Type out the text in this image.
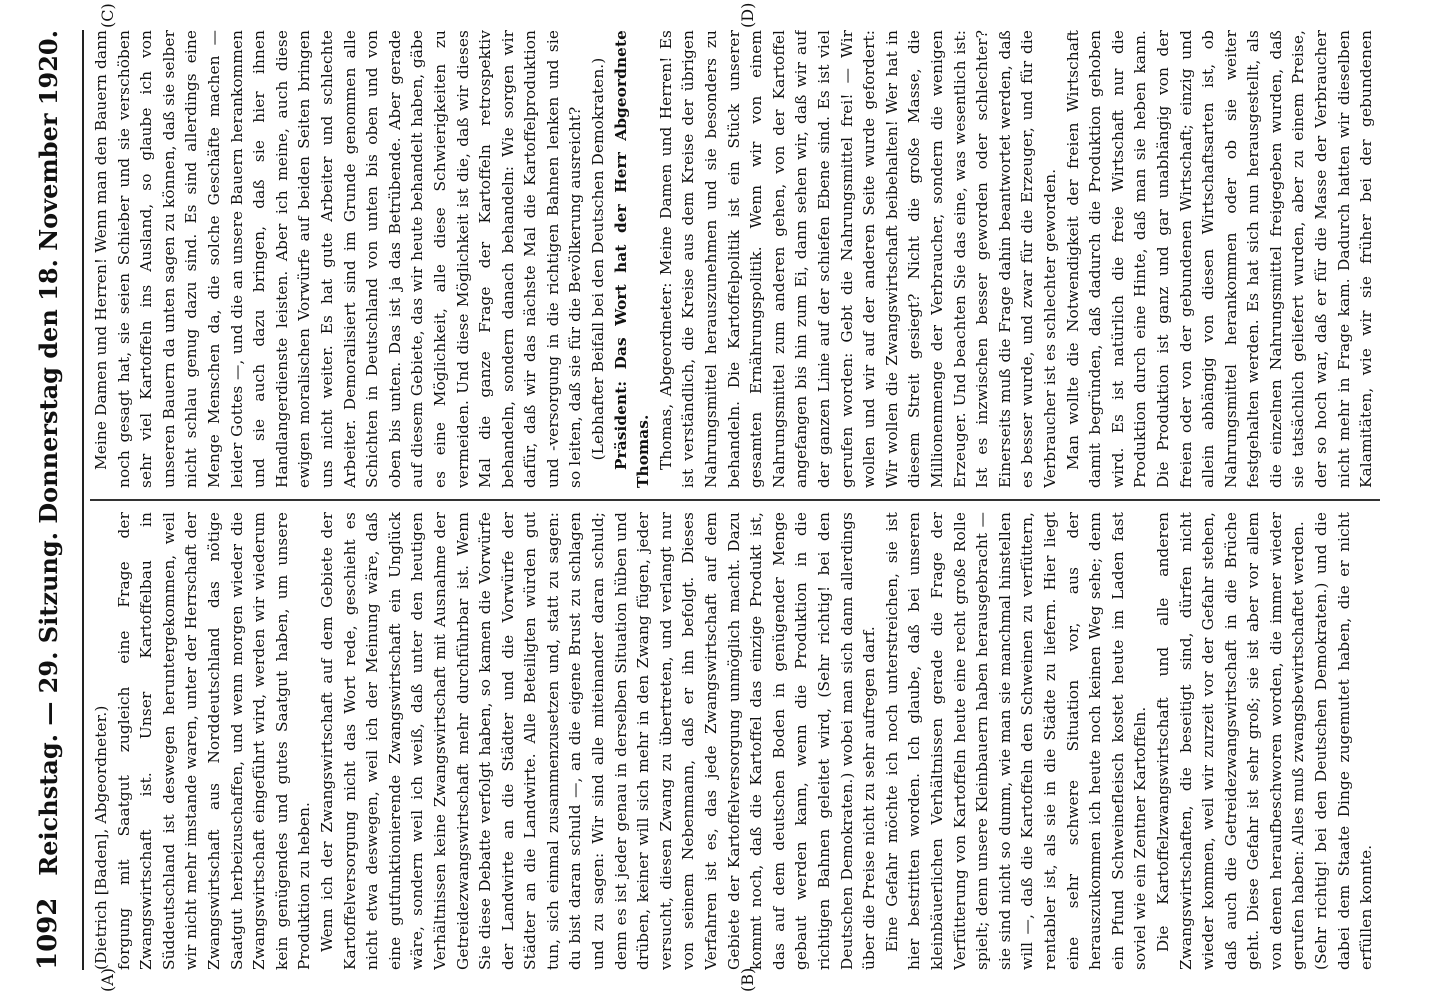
1092
Reichstag. — 29. Sitzung. Donnerstag den 18. November 1920.
(A)	(B)
(C)	(D)

(Dietrich [Baden], Abgeordneter.) forgung mit Saatgut zugleich eine Frage der Zwangswirtschaft ist. Unser Kartoffelbau in Süddeutschland ist deswegen heruntergekommen, weil wir nicht mehr imstande waren, unter der Herrschaft der Zwangswirtschaft aus Norddeutschland das nötige Saatgut herbeizuschaffen, und wenn morgen wieder die Zwangswirtschaft eingeführt wird, werden wir wiederum kein genügendes und gutes Saatgut haben, um unsere Produktion zu heben. Wenn ich der Zwangswirtschaft auf dem Gebiete der Kartoffelversorgung nicht das Wort rede, geschieht es nicht etwa deswegen, weil ich der Meinung wäre, daß eine gutfunktionierende Zwangswirtschaft ein Unglück wäre, sondern weil ich weiß, daß unter den heutigen Verhältnissen keine Zwangswirtschaft mit Ausnahme der Getreidezwangswirtschaft mehr durchführbar ist. Wenn Sie diese Debatte verfolgt haben, so kamen die Vorwürfe der Landwirte an die Städter und die Vorwürfe der Städter an die Landwirte. Alle Beteiligten würden gut tun, sich einmal zusammenzusetzen und, statt zu sagen: du bist daran schuld —, an die eigene Brust zu schlagen und zu sagen: Wir sind alle miteinander daran schuld; denn es ist jeder genau in derselben Situation hüben und drüben, keiner will sich mehr in den Zwang fügen, jeder versucht, diesen Zwang zu übertreten, und verlangt nur von seinem Nebenmann, daß er ihn befolgt. Dieses Verfahren ist es, das jede Zwangswirtschaft auf dem Gebiete der Kartoffelversorgung unmöglich macht. Dazu kommt noch, daß die Kartoffel das einzige Produkt ist, das auf dem deutschen Boden in genügender Menge gebaut werden kann, wenn die Produktion in die richtigen Bahnen geleitet wird, (Sehr richtig! bei den Deutschen Demokraten.) wobei man sich dann allerdings über die Preise nicht zu sehr aufregen darf. Eine Gefahr möchte ich noch unterstreichen, sie ist hier bestritten worden. Ich glaube, daß bei unseren kleinbäuerlichen Verhältnissen gerade die Frage der Verfütterung von Kartoffeln heute eine recht große Rolle spielt; denn unsere Kleinbauern haben herausgebracht — sie sind nicht so dumm, wie man sie manchmal hinstellen will —, daß die Kartoffeln den Schweinen zu verfüttern, rentabler ist, als sie in die Städte zu liefern. Hier liegt eine sehr schwere Situation vor, aus der herauszukommen ich heute noch keinen Weg sehe; denn ein Pfund Schweinefleisch kostet heute im Laden fast soviel wie ein Zentner Kartoffeln. Die Kartoffelzwangswirtschaft und alle anderen Zwangswirtschaften, die beseitigt sind, dürfen nicht wieder kommen, weil wir zurzeit vor der Gefahr stehen, daß auch die Getreidezwangswirtschaft in die Brüche geht. Diese Gefahr ist sehr groß; sie ist aber vor allem von denen heraufbeschworen worden, die immer wieder gerufen haben: Alles muß zwangsbewirtschaftet werden. (Sehr richtig! bei den Deutschen Demokraten.) und die dabei dem Staate Dinge zugemutet haben, die er nicht erfüllen konnte.

Meine Damen und Herren! Wenn man den Bauern dann noch gesagt hat, sie seien Schieber und sie verschöben sehr viel Kartoffeln ins Ausland, so glaube ich von unseren Bauern da unten sagen zu können, daß sie selber nicht schlau genug dazu sind. Es sind allerdings eine Menge Menschen da, die solche Geschäfte machen — leider Gottes —, und die an unsere Bauern herankommen und sie auch dazu bringen, daß sie hier ihnen Handlangerdienste leisten. Aber ich meine, auch diese ewigen moralischen Vorwürfe auf beiden Seiten bringen uns nicht weiter. Es hat gute Arbeiter und schlechte Arbeiter. Demoralisiert sind im Grunde genommen alle Schichten in Deutschland von unten bis oben und von oben bis unten. Das ist ja das Betrübende. Aber gerade auf diesem Gebiete, das wir heute behandelt haben, gäbe es eine Möglichkeit, alle diese Schwierigkeiten zu vermeiden. Und diese Möglichkeit ist die, daß wir dieses Mal die ganze Frage der Kartoffeln retrospektiv behandeln, sondern danach behandeln: Wie sorgen wir dafür, daß wir das nächste Mal die Kartoffelproduktion und -versorgung in die richtigen Bahnen lenken und sie so leiten, daß sie für die Bevölkerung ausreicht? (Lebhafter Beifall bei den Deutschen Demokraten.) Präsident: Das Wort hat der Herr Abgeordnete Thomas. Thomas, Abgeordneter: Meine Damen und Herren! Es ist verständlich, die Kreise aus dem Kreise der übrigen Nahrungsmittel herauszunehmen und sie besonders zu behandeln. Die Kartoffelpolitik ist ein Stück unserer gesamten Ernährungspolitik. Wenn wir von einem Nahrungsmittel zum anderen gehen, von der Kartoffel angefangen bis hin zum Ei, dann sehen wir, daß wir auf der ganzen Linie auf der schiefen Ebene sind. Es ist viel gerufen worden: Gebt die Nahrungsmittel frei! — Wir wollen und wir auf der anderen Seite wurde gefordert: Wir wollen die Zwangswirtschaft beibehalten! Wer hat in diesem Streit gesiegt? Nicht die große Masse, die Millionenmenge der Verbraucher, sondern die wenigen Erzeuger. Und beachten Sie das eine, was wesentlich ist: Ist es inzwischen besser geworden oder schlechter? Einerseits muß die Frage dahin beantwortet werden, daß es besser wurde, und zwar für die Erzeuger, und für die Verbraucher ist es schlechter geworden. Man wollte die Notwendigkeit der freien Wirtschaft damit begründen, daß dadurch die Produktion gehoben wird. Es ist natürlich die freie Wirtschaft nur die Produktion durch eine Hinte, daß man sie heben kann. Die Produktion ist ganz und gar unabhängig von der freien oder von der gebundenen Wirtschaft; einzig und allein abhängig von diesen Wirtschaftsarten ist, ob Nahrungsmittel herankommen oder ob sie weiter festgehalten werden. Es hat sich nun herausgestellt, als die einzelnen Nahrungsmittel freigegeben wurden, daß sie tatsächlich geliefert wurden, aber zu einem Preise, der so hoch war, daß er für die Masse der Verbraucher nicht mehr in Frage kam. Dadurch hatten wir dieselben Kalamitäten, wie wir sie früher bei der gebundenen
